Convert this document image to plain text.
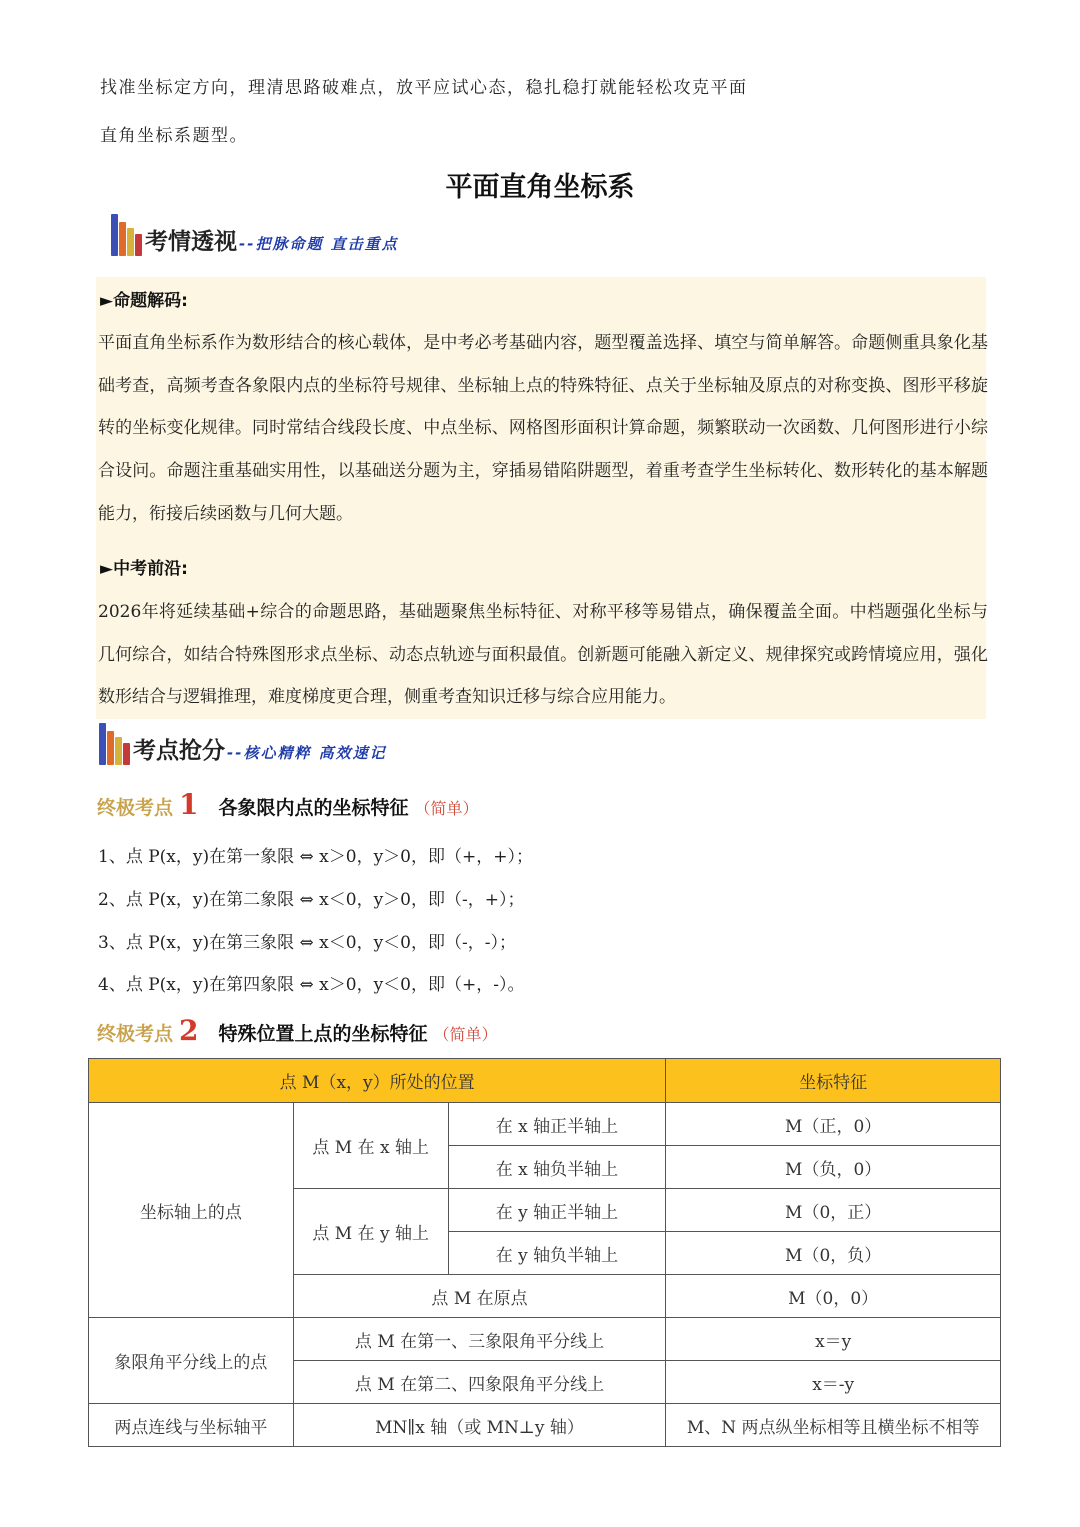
找准坐标定方向，理清思路破难点，放平应试心态，稳扎稳打就能轻松攻克平面
直角坐标系题型。
平面直角坐标系
考情透视 --把脉命题 直击重点
►命题解码:
平面直角坐标系作为数形结合的核心载体，是中考必考基础内容，题型覆盖选择、填空与简单解答。命题侧重具象化基础考查，高频考查各象限内点的坐标符号规律、坐标轴上点的特殊特征、点关于坐标轴及原点的对称变换、图形平移旋转的坐标变化规律。同时常结合线段长度、中点坐标、网格图形面积计算命题，频繁联动一次函数、几何图形进行小综合设问。命题注重基础实用性，以基础送分题为主，穿插易错陷阱题型，着重考查学生坐标转化、数形转化的基本解题能力，衔接后续函数与几何大题。
►中考前沿:
2026年将延续基础+综合的命题思路，基础题聚焦坐标特征、对称平移等易错点，确保覆盖全面。中档题强化坐标与几何综合，如结合特殊图形求点坐标、动态点轨迹与面积最值。创新题可能融入新定义、规律探究或跨情境应用，强化数形结合与逻辑推理，难度梯度更合理，侧重考查知识迁移与综合应用能力。
考点抢分 --核心精粹 高效速记
终极考点 1 各象限内点的坐标特征 （简单）
1、点 P(x，y)在第一象限 ⇔ x＞0，y＞0，即（+，+）；
2、点 P(x，y)在第二象限 ⇔ x＜0，y＞0，即（-，+）；
3、点 P(x，y)在第三象限 ⇔ x＜0，y＜0，即（-，-）；
4、点 P(x，y)在第四象限 ⇔ x＞0，y＜0，即（+，-）。
终极考点 2 特殊位置上点的坐标特征 （简单）
点 M（x，y）所处的位置			坐标特征
坐标轴上的点	点 M 在 x 轴上	在 x 轴正半轴上	M（正，0）
		在 x 轴负半轴上	M（负，0）
	点 M 在 y 轴上	在 y 轴正半轴上	M（0，正）
		在 y 轴负半轴上	M（0，负）
	点 M 在原点		M（0，0）
象限角平分线上的点	点 M 在第一、三象限角平分线上		x＝y
	点 M 在第二、四象限角平分线上		x＝-y
两点连线与坐标轴平	MN∥x 轴（或 MN⊥y 轴）		M、N 两点纵坐标相等且横坐标不相等
